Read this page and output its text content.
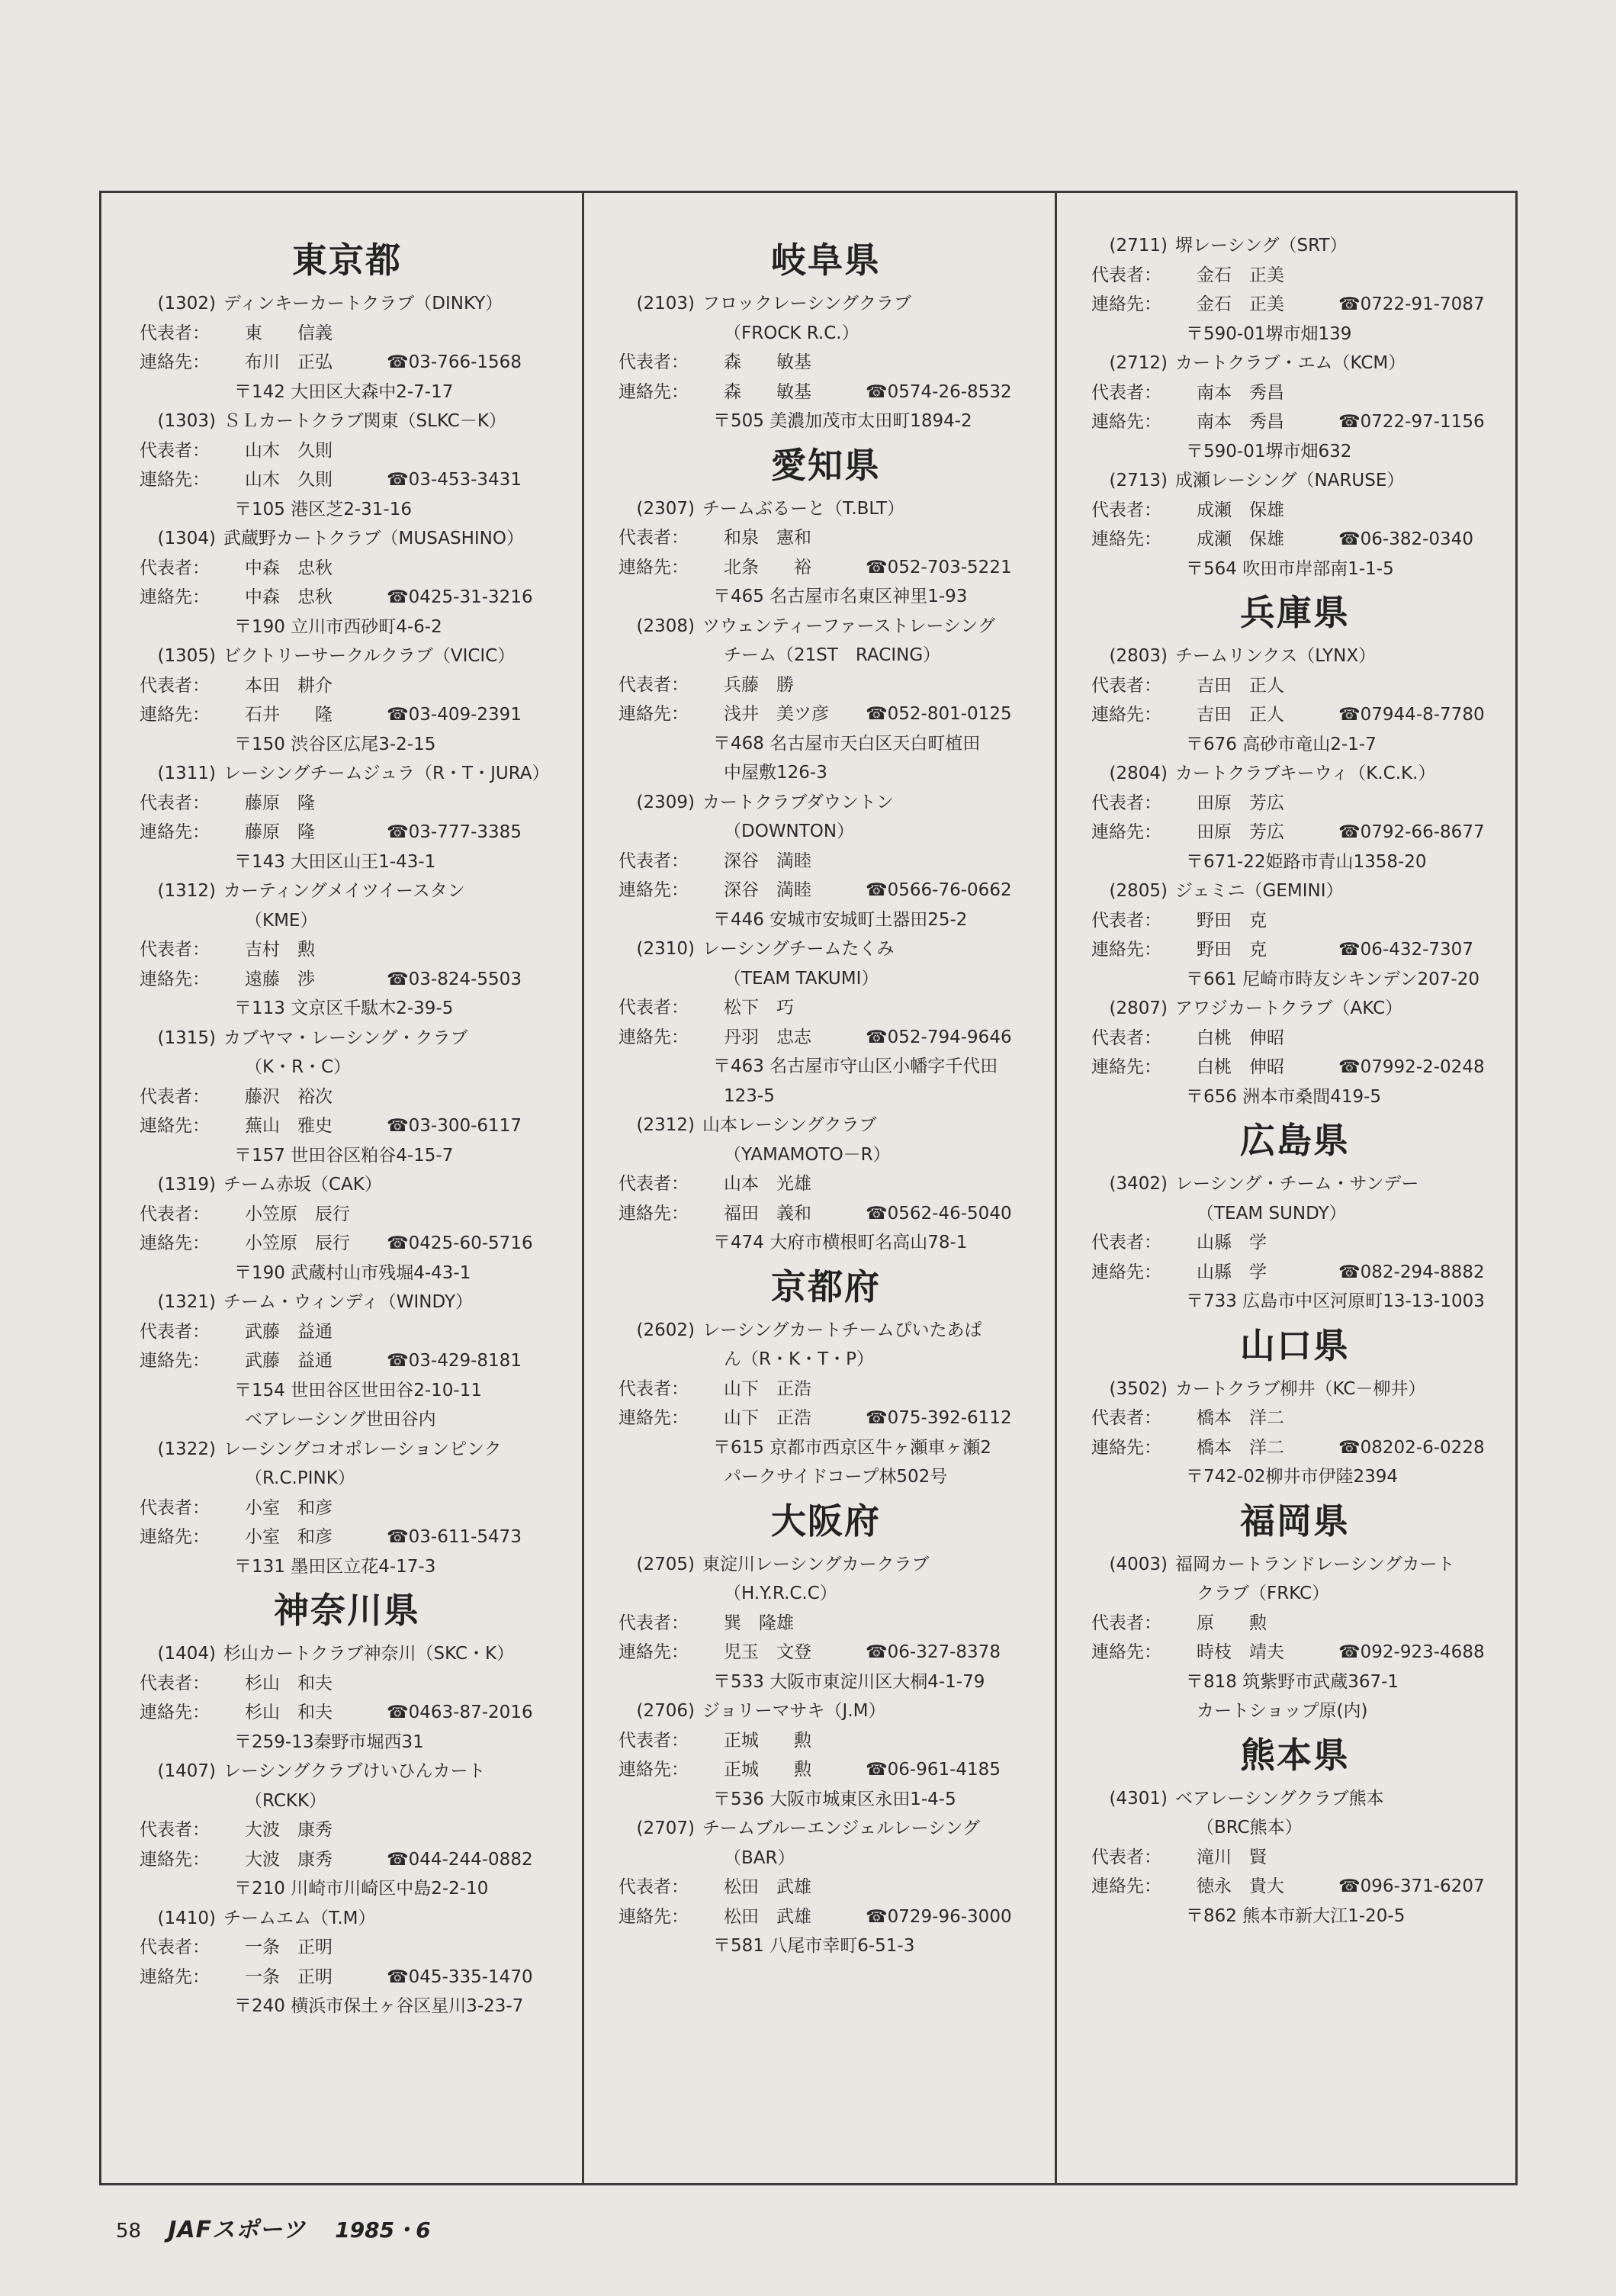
東京都
(1302) ディンキーカートクラブ（DINKY）
代表者： 東　　信義
連絡先： 布川　正弘	☎03-766-1568
〒142 大田区大森中2-7-17
(1303) ＳＬカートクラブ関東（SLKC－K）
代表者： 山木　久則
連絡先： 山木　久則	☎03-453-3431
〒105 港区芝2-31-16
(1304) 武蔵野カートクラブ（MUSASHINO）
代表者： 中森　忠秋
連絡先： 中森　忠秋	☎0425-31-3216
〒190 立川市西砂町4-6-2
(1305) ビクトリーサークルクラブ（VICIC）
代表者： 本田　耕介
連絡先： 石井　　隆	☎03-409-2391
〒150 渋谷区広尾3-2-15
(1311) レーシングチームジュラ（R・T・JURA）
代表者： 藤原　隆
連絡先： 藤原　隆	☎03-777-3385
〒143 大田区山王1-43-1
(1312) カーティングメイツイースタン
（KME）
代表者： 吉村　勲
連絡先： 遠藤　渉	☎03-824-5503
〒113 文京区千駄木2-39-5
(1315) カブヤマ・レーシング・クラブ
（K・R・C）
代表者： 藤沢　裕次
連絡先： 蕪山　雅史	☎03-300-6117
〒157 世田谷区粕谷4-15-7
(1319) チーム赤坂（CAK）
代表者： 小笠原　辰行
連絡先： 小笠原　辰行 ☎0425-60-5716
〒190 武蔵村山市残堀4-43-1
(1321) チーム・ウィンディ（WINDY）
代表者： 武藤　益通
連絡先： 武藤　益通	☎03-429-8181
〒154 世田谷区世田谷2-10-11
ベアレーシング世田谷内
(1322) レーシングコオポレーションピンク
（R.C.PINK）
代表者： 小室　和彦
連絡先： 小室　和彦	☎03-611-5473
〒131 墨田区立花4-17-3
神奈川県
(1404) 杉山カートクラブ神奈川（SKC・K）
代表者： 杉山　和夫
連絡先： 杉山　和夫	☎0463-87-2016
〒259-13秦野市堀西31
(1407) レーシングクラブけいひんカート
（RCKK）
代表者： 大波　康秀
連絡先： 大波　康秀	☎044-244-0882
〒210 川崎市川崎区中島2-2-10
(1410) チームエム（T.M）
代表者： 一条　正明
連絡先： 一条　正明	☎045-335-1470
〒240 横浜市保土ヶ谷区星川3-23-7
岐阜県
(2103) フロックレーシングクラブ
（FROCK R.C.）
代表者： 森　　敏基
連絡先： 森　　敏基	☎0574-26-8532
〒505 美濃加茂市太田町1894-2
愛知県
(2307) チームぶるーと（T.BLT）
代表者： 和泉　憲和
連絡先： 北条　　裕	☎052-703-5221
〒465 名古屋市名東区神里1-93
(2308) ツウェンティーファーストレーシング
チーム（21ST　RACING）
代表者： 兵藤　勝
連絡先： 浅井　美ツ彦 ☎052-801-0125
〒468 名古屋市天白区天白町植田
中屋敷126-3
(2309) カートクラブダウントン
（DOWNTON）
代表者： 深谷　満睦
連絡先： 深谷　満睦	☎0566-76-0662
〒446 安城市安城町土器田25-2
(2310) レーシングチームたくみ
（TEAM TAKUMI）
代表者： 松下　巧
連絡先： 丹羽　忠志	☎052-794-9646
〒463 名古屋市守山区小幡字千代田
123-5
(2312) 山本レーシングクラブ
（YAMAMOTO－R）
代表者： 山本　光雄
連絡先： 福田　義和	☎0562-46-5040
〒474 大府市横根町名高山78-1
京都府
(2602) レーシングカートチームぴいたあぱ
ん（R・K・T・P）
代表者： 山下　正浩
連絡先： 山下　正浩	☎075-392-6112
〒615 京都市西京区牛ヶ瀬車ヶ瀬2
パークサイドコープ林502号
大阪府
(2705) 東淀川レーシングカークラブ
（H.Y.R.C.C）
代表者： 巽　隆雄
連絡先： 児玉　文登	☎06-327-8378
〒533 大阪市東淀川区大桐4-1-79
(2706) ジョリーマサキ（J.M）
代表者： 正城　　勲
連絡先： 正城　　勲	☎06-961-4185
〒536 大阪市城東区永田1-4-5
(2707) チームブルーエンジェルレーシング
（BAR）
代表者： 松田　武雄
連絡先： 松田　武雄	☎0729-96-3000
〒581 八尾市幸町6-51-3
(2711) 堺レーシング（SRT）
代表者： 金石　正美
連絡先： 金石　正美	☎0722-91-7087
〒590-01堺市畑139
(2712) カートクラブ・エム（KCM）
代表者： 南本　秀昌
連絡先： 南本　秀昌	☎0722-97-1156
〒590-01堺市畑632
(2713) 成瀬レーシング（NARUSE）
代表者： 成瀬　保雄
連絡先： 成瀬　保雄	☎06-382-0340
〒564 吹田市岸部南1-1-5
兵庫県
(2803) チームリンクス（LYNX）
代表者： 吉田　正人
連絡先： 吉田　正人	☎07944-8-7780
〒676 高砂市竜山2-1-7
(2804) カートクラブキーウィ（K.C.K.）
代表者： 田原　芳広
連絡先： 田原　芳広	☎0792-66-8677
〒671-22姫路市青山1358-20
(2805) ジェミニ（GEMINI）
代表者： 野田　克
連絡先： 野田　克	☎06-432-7307
〒661 尼崎市時友シキンデン207-20
(2807) アワジカートクラブ（AKC）
代表者： 白桃　伸昭
連絡先： 白桃　伸昭	☎07992-2-0248
〒656 洲本市桑間419-5
広島県
(3402) レーシング・チーム・サンデー
（TEAM SUNDY）
代表者： 山縣　学
連絡先： 山縣　学	☎082-294-8882
〒733 広島市中区河原町13-13-1003
山口県
(3502) カートクラブ柳井（KC－柳井）
代表者： 橋本　洋二
連絡先： 橋本　洋二	☎08202-6-0228
〒742-02柳井市伊陸2394
福岡県
(4003) 福岡カートランドレーシングカート
クラブ（FRKC）
代表者： 原　　勲
連絡先： 時枝　靖夫	☎092-923-4688
〒818 筑紫野市武蔵367-1
カートショップ原(内)
熊本県
(4301) ベアレーシングクラブ熊本
（BRC熊本）
代表者： 滝川　賢
連絡先： 徳永　貴大	☎096-371-6207
〒862 熊本市新大江1-20-5
58 JAFスポーツ 1985・6
